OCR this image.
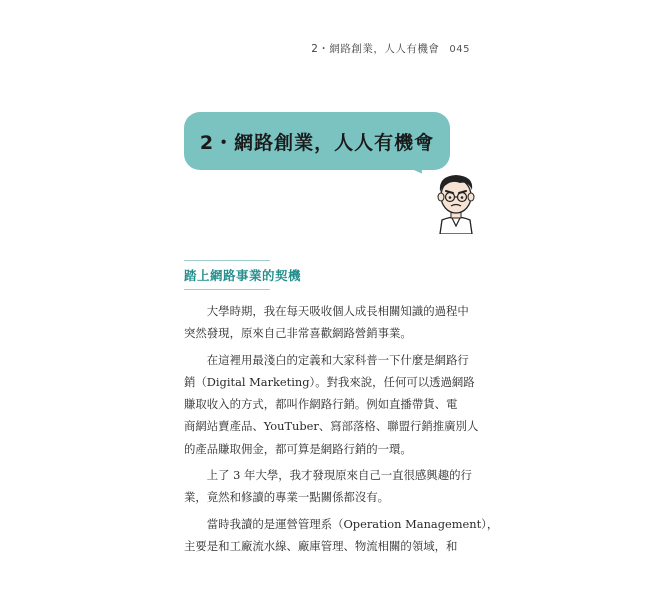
2・網路創業，人人有機會 045
2・網路創業，人人有機會
踏上網路事業的契機

　　大學時期，我在每天吸收個人成長相關知識的過程中
突然發現，原來自己非常喜歡網路營銷事業。

　　在這裡用最淺白的定義和大家科普一下什麼是網路行
銷（Digital Marketing）。對我來說，任何可以透過網路
賺取收入的方式，都叫作網路行銷。例如直播帶貨、電
商網站賣產品、YouTuber、寫部落格、聯盟行銷推廣別人
的產品賺取佣金，都可算是網路行銷的一環。

　　上了 3 年大學，我才發現原來自己一直很感興趣的行
業，竟然和修讀的專業一點關係都沒有。

　　當時我讀的是運營管理系（Operation Management），
主要是和工廠流水線、廠庫管理、物流相關的領域，和
